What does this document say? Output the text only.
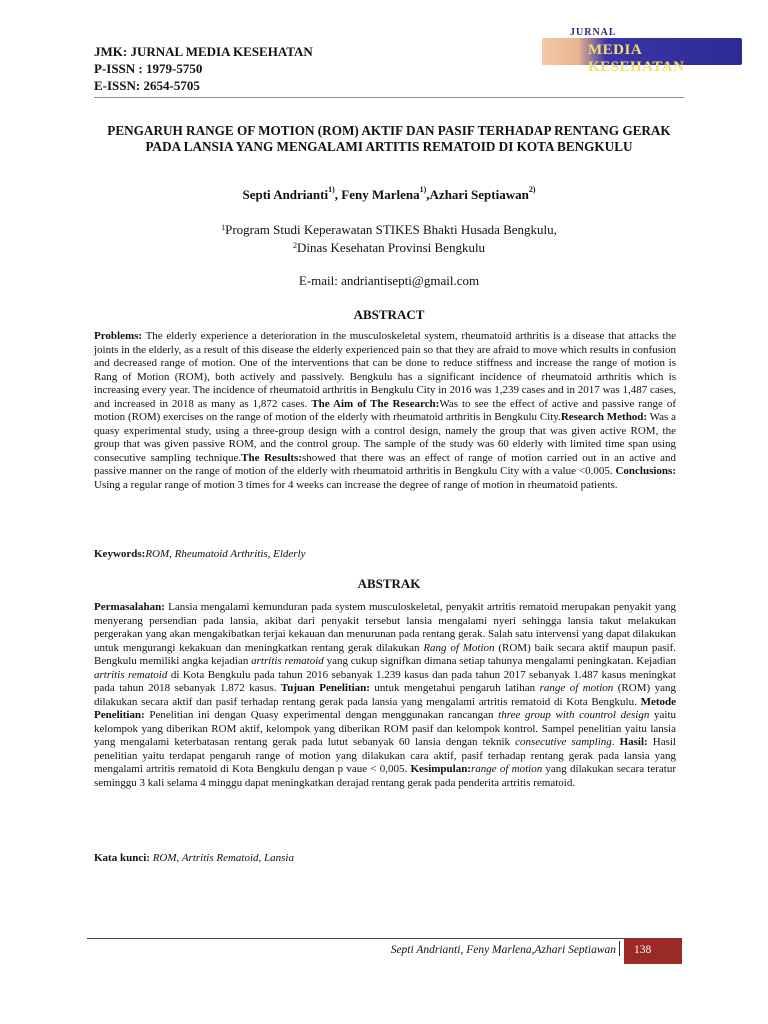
JMK: JURNAL MEDIA KESEHATAN
P-ISSN : 1979-5750
E-ISSN: 2654-5705
JURNAL
MEDIA KESEHATAN
PENGARUH RANGE OF MOTION (ROM) AKTIF DAN PASIF TERHADAP RENTANG GERAK PADA LANSIA YANG MENGALAMI ARTITIS REMATOID DI KOTA BENGKULU
Septi Andrianti$^{1)}$, Feny Marlena$^{1)}$,Azhari Septiawan$^{2)}$
$^1$Program Studi Keperawatan STIKES Bhakti Husada Bengkulu,
$^2$Dinas Kesehatan Provinsi Bengkulu
E-mail: andriantisepti@gmail.com
ABSTRACT
Problems: The elderly experience a deterioration in the musculoskeletal system, rheumatoid arthritis is a disease that attacks the joints in the elderly, as a result of this disease the elderly experienced pain so that they are afraid to move which results in confusion and decreased range of motion. One of the interventions that can be done to reduce stiffness and increase the range of motion is Rang of Motion (ROM), both actively and passively. Bengkulu has a significant incidence of rheumatoid arthritis which is increasing every year. The incidence of rheumatoid arthritis in Bengkulu City in 2016 was 1,239 cases and in 2017 was 1,487 cases, and increased in 2018 as many as 1,872 cases. The Aim of The Research:Was to see the effect of active and passive range of motion (ROM) exercises on the range of motion of the elderly with rheumatoid arthritis in Bengkulu City.Research Method: Was a quasy experimental study, using a three-group design with a control design, namely the group that was given active ROM, the group that was given passive ROM, and the control group. The sample of the study was 60 elderly with limited time span using consecutive sampling technique.The Results:showed that there was an effect of range of motion carried out in an active and passive manner on the range of motion of the elderly with rheumatoid arthritis in Bengkulu City with a value <0.005. Conclusions: Using a regular range of motion 3 times for 4 weeks can increase the degree of range of motion in rheumatoid patients.
Keywords:ROM, Rheumatoid Arthritis, Elderly
ABSTRAK
Permasalahan: Lansia mengalami kemunduran pada system musculoskeletal, penyakit artritis rematoid merupakan penyakit yang menyerang persendian pada lansia, akibat dari penyakit tersebut lansia mengalami nyeri sehingga lansia takut melakukan pergerakan yang akan mengakibatkan terjai kekauan dan menurunan pada rentang gerak. Salah satu intervensi yang dapat dilakukan untuk mengurangi kekakuan dan meningkatkan rentang gerak dilakukan Rang of Motion (ROM) baik secara aktif maupun pasif. Bengkulu memiliki angka kejadian artritis rematoid yang cukup signifkan dimana setiap tahunya mengalami peningkatan. Kejadian artritis rematoid di Kota Bengkulu pada tahun 2016 sebanyak 1.239 kasus dan pada tahun 2017 sebanyak 1.487 kasus meningkat pada tahun 2018 sebanyak 1.872 kasus. Tujuan Penelitian: untuk mengetahui pengaruh latihan range of motion (ROM) yang dilakukan secara aktif dan pasif terhadap rentang gerak pada lansia yang mengalami artritis rematoid di Kota Bengkulu. Metode Penelitian: Penelitian ini dengan Quasy experimental dengan menggunakan rancangan three group with countrol design yaitu kelompok yang diberikan ROM aktif, kelompok yang diberikan ROM pasif dan kelompok kontrol. Sampel penelitian yaitu lansia yang mengalami keterbatasan rentang gerak pada lutut sebanyak 60 lansia dengan teknik consecutive sampling. Hasil: Hasil penelitian yaitu terdapat pengaruh range of motion yang dilakukan cara aktif, pasif terhadap rentang gerak pada lansia yang mengalami artritis rematoid di Kota Bengkulu dengan p vaue < 0,005. Kesimpulan:range of motion yang dilakukan secara teratur seminggu 3 kali selama 4 minggu dapat meningkatkan derajad rentang gerak pada penderita artritis rematoid.
Kata kunci: ROM, Artritis Rematoid, Lansia
Septi Andrianti, Feny Marlena,Azhari Septiawan 138
